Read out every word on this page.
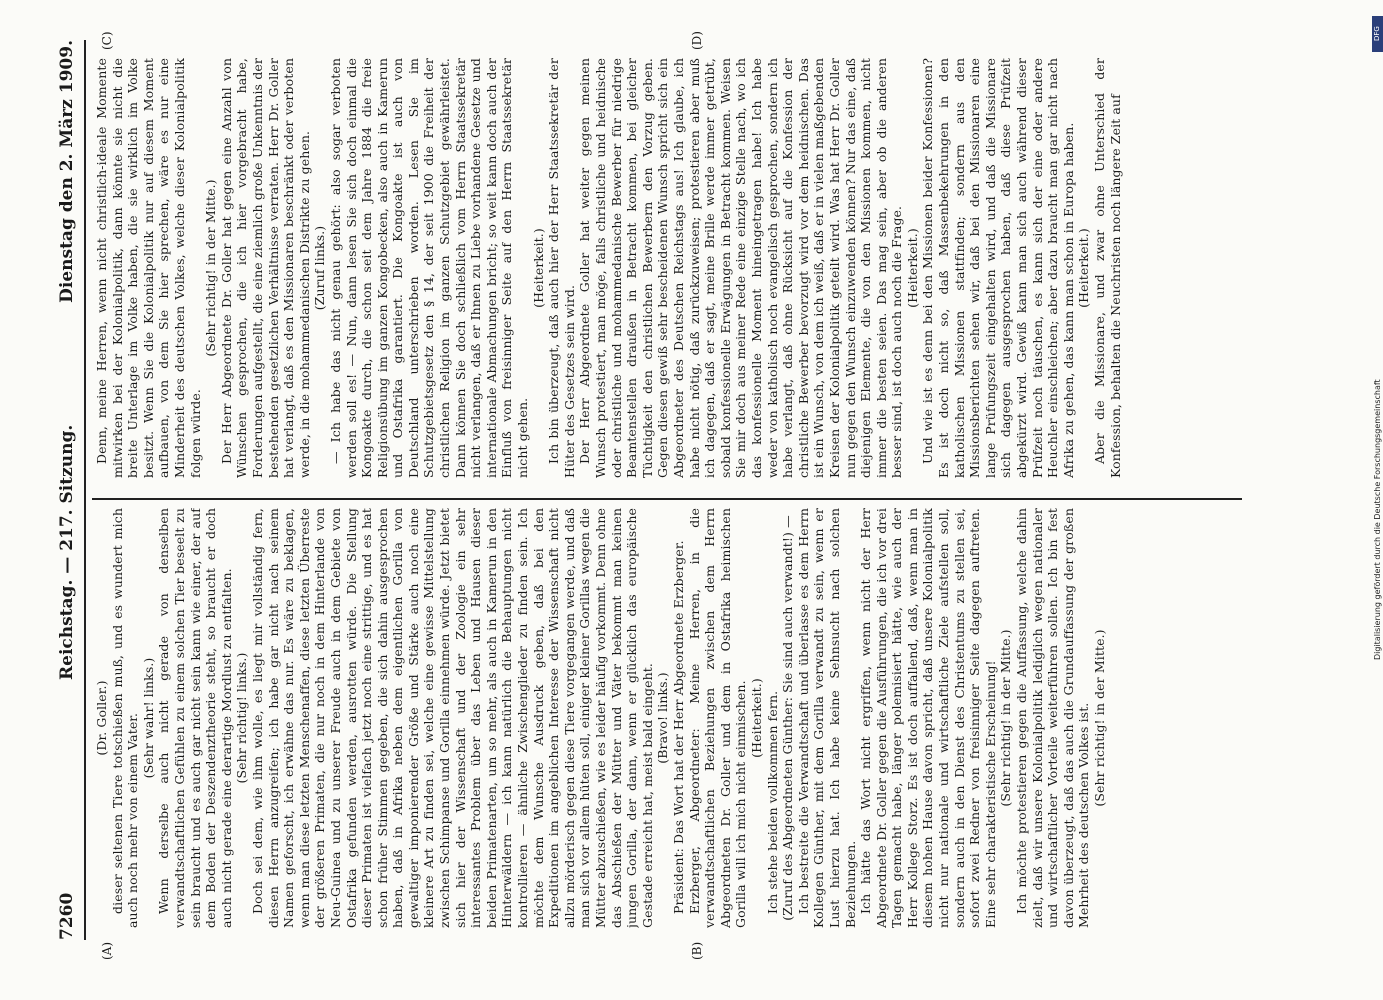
7260
Reichstag. — 217. Sitzung.
Dienstag den 2. März 1909.
(A)	(B)
(C)	(D)

(Dr. Goller.) dieser seltenen Tiere totschießen muß, und es wundert mich auch noch mehr von einem Vater. (Sehr wahr! links.) Wenn derselbe auch nicht gerade von denselben verwandtschaftlichen Gefühlen zu einem solchen Tier beseelt zu sein braucht und es auch gar nicht sein kann wie einer, der auf dem Boden der Deszendenztheorie steht, so braucht er doch auch nicht gerade eine derartige Mordlust zu entfalten. (Sehr richtig! links.) Doch sei dem, wie ihm wolle, es liegt mir vollständig fern, diesen Herrn anzugreifen; ich habe gar nicht nach seinem Namen geforscht, ich erwähne das nur. Es wäre zu beklagen, wenn man diese letzten Menschenaffen, diese letzten Überreste der größeren Primaten, die nur noch in dem Hinterlande von Neu-Guinea und zu unserer Freude auch in dem Gebiete von Ostafrika gefunden werden, ausrotten würde. Die Stellung dieser Primaten ist vielfach jetzt noch eine strittige, und es hat schon früher Stimmen gegeben, die sich dahin ausgesprochen haben, daß in Afrika neben dem eigentlichen Gorilla von gewaltiger imponierender Größe und Stärke auch noch eine kleinere Art zu finden sei, welche eine gewisse Mittelstellung zwischen Schimpanse und Gorilla einnehmen würde. Jetzt bietet sich hier der Wissenschaft und der Zoologie ein sehr interessantes Problem über das Leben und Hausen dieser beiden Primatenarten, um so mehr, als auch in Kamerun in den Hinterwäldern — ich kann natürlich die Behauptungen nicht kontrollieren — ähnliche Zwischenglieder zu finden sein. Ich möchte dem Wunsche Ausdruck geben, daß bei den Expeditionen im angeblichen Interesse der Wissenschaft nicht allzu mörderisch gegen diese Tiere vorgegangen werde, und daß man sich vor allem hüten soll, einiger kleiner Gorillas wegen die Mütter abzuschießen, wie es leider häufig vorkommt. Denn ohne das Abschießen der Mütter und Väter bekommt man keinen jungen Gorilla, der dann, wenn er glücklich das europäische Gestade erreicht hat, meist bald eingeht. (Bravo! links.) Präsident: Das Wort hat der Herr Abgeordnete Erzberger. Erzberger, Abgeordneter: Meine Herren, in die verwandtschaftlichen Beziehungen zwischen dem Herrn Abgeordneten Dr. Goller und dem in Ostafrika heimischen Gorilla will ich mich nicht einmischen. (Heiterkeit.) Ich stehe beiden vollkommen fern. (Zuruf des Abgeordneten Günther: Sie sind auch verwandt!) — Ich bestreite die Verwandtschaft und überlasse es dem Herrn Kollegen Günther, mit dem Gorilla verwandt zu sein, wenn er Lust hierzu hat. Ich habe keine Sehnsucht nach solchen Beziehungen. Ich hätte das Wort nicht ergriffen, wenn nicht der Herr Abgeordnete Dr. Goller gegen die Ausführungen, die ich vor drei Tagen gemacht habe, länger polemisiert hätte, wie auch der Herr Kollege Storz. Es ist doch auffallend, daß, wenn man in diesem hohen Hause davon spricht, daß unsere Kolonialpolitik nicht nur nationale und wirtschaftliche Ziele aufstellen soll, sondern auch in den Dienst des Christentums zu stellen sei, sofort zwei Redner von freisinniger Seite dagegen auftreten. Eine sehr charakteristische Erscheinung! (Sehr richtig! in der Mitte.) Ich möchte protestieren gegen die Auffassung, welche dahin zielt, daß wir unsere Kolonialpolitik lediglich wegen nationaler und wirtschaftlicher Vorteile weiterführen sollen. Ich bin fest davon überzeugt, daß das auch die Grundauffassung der großen Mehrheit des deutschen Volkes ist. (Sehr richtig! in der Mitte.)

Denn, meine Herren, wenn nicht christlich-ideale Momente mitwirken bei der Kolonialpolitik, dann könnte sie nicht die breite Unterlage im Volke haben, die sie wirklich im Volke besitzt. Wenn Sie die Kolonialpolitik nur auf diesem Moment aufbauen, von dem Sie hier sprechen, wäre es nur eine Minderheit des deutschen Volkes, welche dieser Kolonialpolitik folgen würde.

(Sehr richtig! in der Mitte.) Der Herr Abgeordnete Dr. Goller hat gegen eine Anzahl von Wünschen gesprochen, die ich hier vorgebracht habe, Forderungen aufgestellt, die eine ziemlich große Unkenntnis der bestehenden gesetzlichen Verhältnisse verraten. Herr Dr. Goller hat verlangt, daß es den Missionaren beschränkt oder verboten werde, in die mohammedanischen Distrikte zu gehen. (Zuruf links.) — Ich habe das nicht genau gehört: also sogar verboten werden soll es! — Nun, dann lesen Sie sich doch einmal die Kongoakte durch, die schon seit dem Jahre 1884 die freie Religionsübung im ganzen Kongobecken, also auch in Kamerun und Ostafrika garantiert. Die Kongoakte ist auch von Deutschland unterschrieben worden. Lesen Sie im Schutzgebietsgesetz den § 14, der seit 1900 die Freiheit der christlichen Religion im ganzen Schutzgebiet gewährleistet. Dann können Sie doch schließlich vom Herrn Staatssekretär nicht verlangen, daß er Ihnen zu Liebe vorhandene Gesetze und internationale Abmachungen bricht; so weit kann doch auch der Einfluß von freisinniger Seite auf den Herrn Staatssekretär nicht gehen.

(Heiterkeit.) Ich bin überzeugt, daß auch hier der Herr Staatssekretär der Hüter des Gesetzes sein wird. Der Herr Abgeordnete Goller hat weiter gegen meinen Wunsch protestiert, man möge, falls christliche und heidnische oder christliche und mohammedanische Bewerber für niedrige Beamtenstellen draußen in Betracht kommen, bei gleicher Tüchtigkeit den christlichen Bewerbern den Vorzug geben. Gegen diesen gewiß sehr bescheidenen Wunsch spricht sich ein Abgeordneter des Deutschen Reichstags aus! Ich glaube, ich habe nicht nötig, daß zurückzuweisen; protestieren aber muß ich dagegen, daß er sagt, meine Brille werde immer getrübt, sobald konfessionelle Erwägungen in Betracht kommen. Weisen Sie mir doch aus meiner Rede eine einzige Stelle nach, wo ich das konfessionelle Moment hineingetragen habe! Ich habe weder von katholisch noch evangelisch gesprochen, sondern ich habe verlangt, daß ohne Rücksicht auf die Konfession der christliche Bewerber bevorzugt wird vor dem heidnischen. Das ist ein Wunsch, von dem ich weiß, daß er in vielen maßgebenden Kreisen der Kolonialpolitik geteilt wird. Was hat Herr Dr. Goller nun gegen den Wunsch einzuwenden können? Nur das eine, daß diejenigen Elemente, die von den Missionen kommen, nicht immer die besten seien. Das mag sein, aber ob die anderen besser sind, ist doch auch noch die Frage. (Heiterkeit.) Und wie ist es denn bei den Missionen beider Konfessionen? Es ist doch nicht so, daß Massenbekehrungen in den katholischen Missionen stattfinden; sondern aus den Missionsberichten sehen wir, daß bei den Missionaren eine lange Prüfungszeit eingehalten wird, und daß die Missionare sich dagegen ausgesprochen haben, daß diese Prüfzeit abgekürzt wird. Gewiß kann man sich auch während dieser Prüfzeit noch täuschen, es kann sich der eine oder andere Heuchler einschleichen; aber dazu braucht man gar nicht nach Afrika zu gehen, das kann man schon in Europa haben. (Heiterkeit.) Aber die Missionare, und zwar ohne Unterschied der Konfession, behalten die Neuchristen noch längere Zeit auf

DFG
Digitalisierung gefördert durch die Deutsche Forschungsgemeinschaft
